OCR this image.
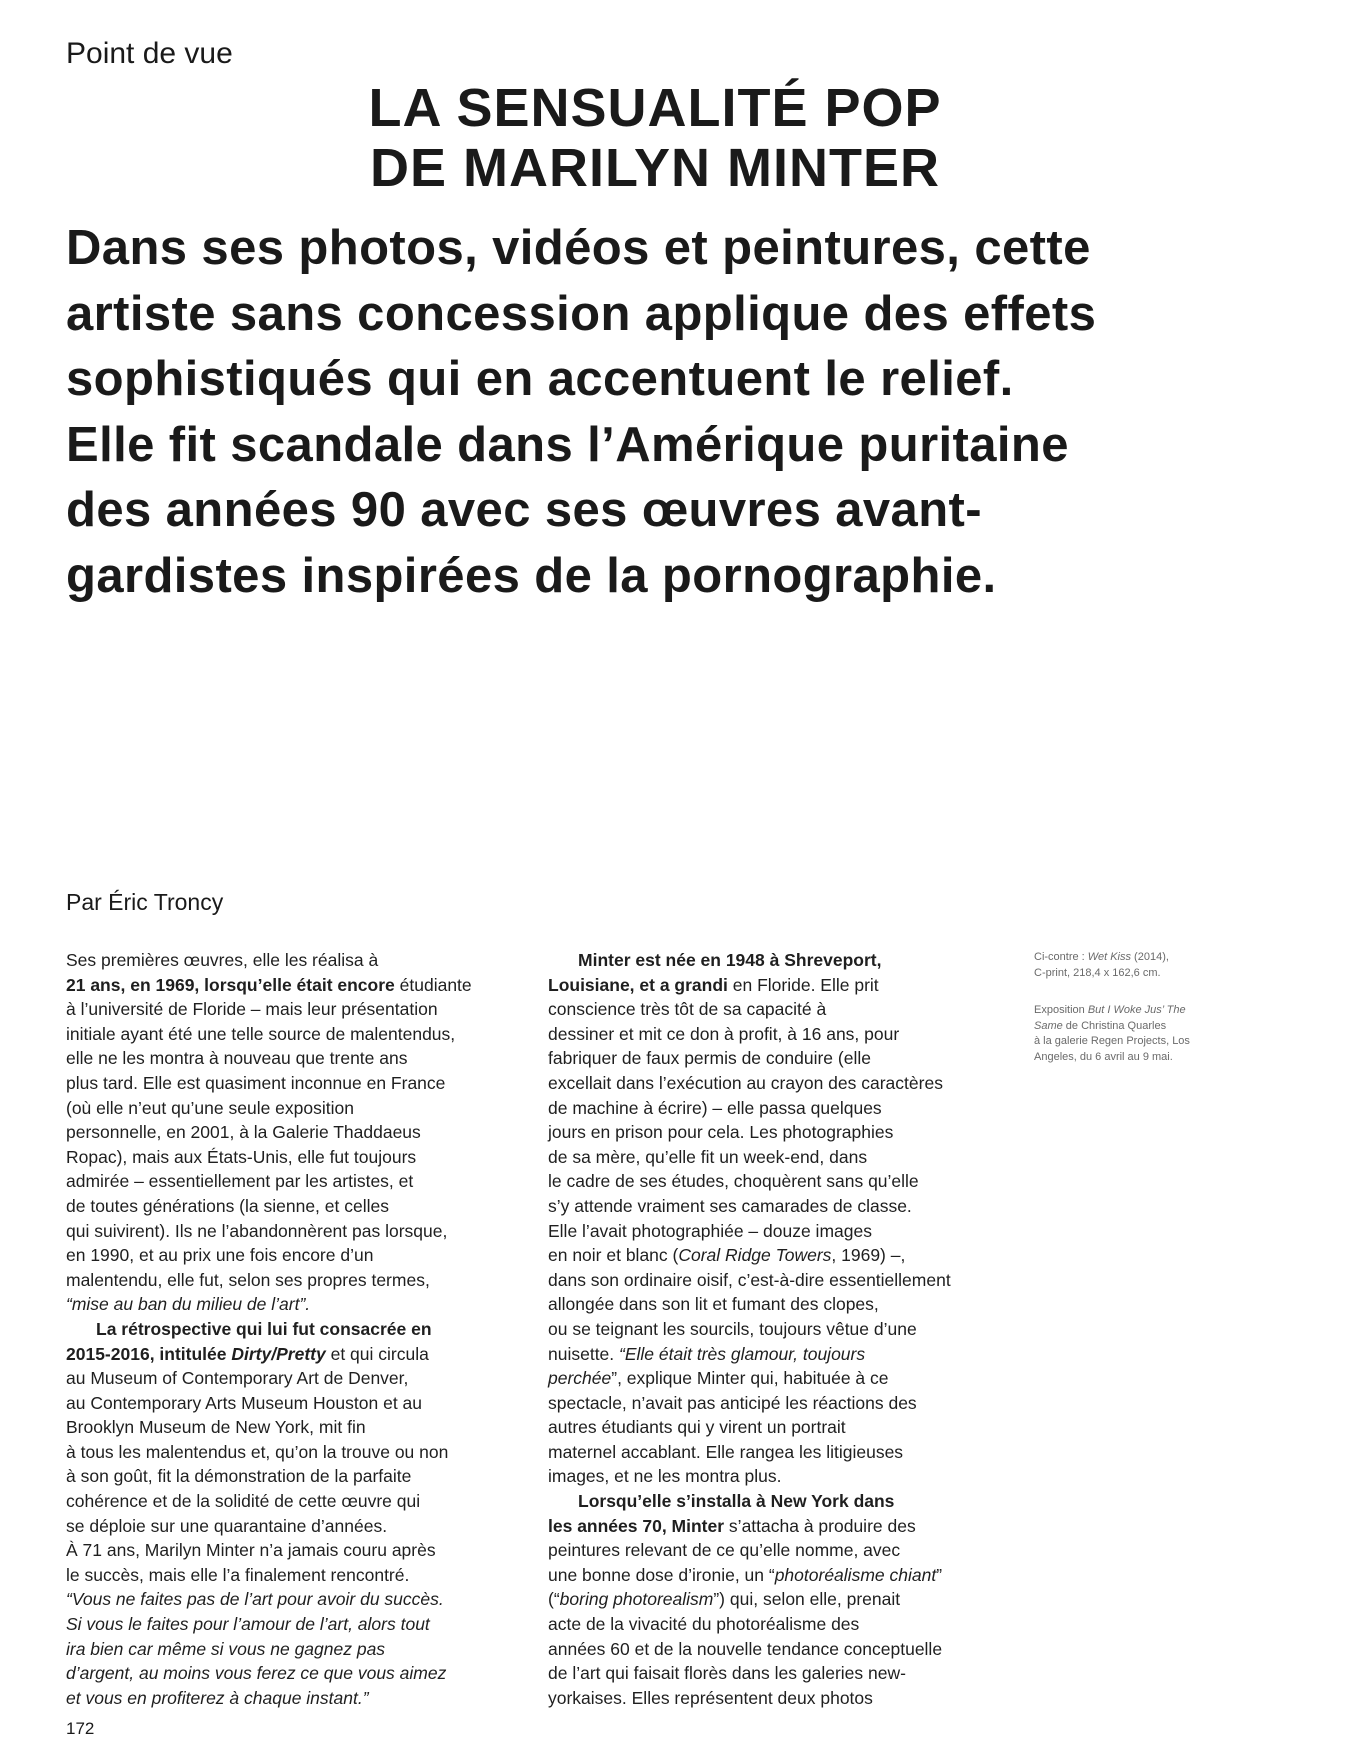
Point de vue

LA SENSUALITÉ POP
DE MARILYN MINTER

Dans ses photos, vidéos et peintures, cette
artiste sans concession applique des effets
sophistiqués qui en accentuent le relief.
Elle fit scandale dans l’Amérique puritaine
des années 90 avec ses œuvres avant-
gardistes inspirées de la pornographie.

Par Éric Troncy

Ses premières œuvres, elle les réalisa à
21 ans, en 1969, lorsqu’elle était encore étudiante
à l’université de Floride – mais leur présentation
initiale ayant été une telle source de malentendus,
elle ne les montra à nouveau que trente ans
plus tard. Elle est quasiment inconnue en France
(où elle n’eut qu’une seule exposition
personnelle, en 2001, à la Galerie Thaddaeus
Ropac), mais aux États-Unis, elle fut toujours
admirée – essentiellement par les artistes, et
de toutes générations (la sienne, et celles
qui suivirent). Ils ne l’abandonnèrent pas lorsque,
en 1990, et au prix une fois encore d’un
malentendu, elle fut, selon ses propres termes,
“mise au ban du milieu de l’art”.
La rétrospective qui lui fut consacrée en
2015-2016, intitulée Dirty/Pretty et qui circula
au Museum of Contemporary Art de Denver,
au Contemporary Arts Museum Houston et au
Brooklyn Museum de New York, mit fin
à tous les malentendus et, qu’on la trouve ou non
à son goût, fit la démonstration de la parfaite
cohérence et de la solidité de cette œuvre qui
se déploie sur une quarantaine d’années.
À 71 ans, Marilyn Minter n’a jamais couru après
le succès, mais elle l’a finalement rencontré.
“Vous ne faites pas de l’art pour avoir du succès.
Si vous le faites pour l’amour de l’art, alors tout
ira bien car même si vous ne gagnez pas
d’argent, au moins vous ferez ce que vous aimez
et vous en profiterez à chaque instant.”
Minter est née en 1948 à Shreveport,
Louisiane, et a grandi en Floride. Elle prit
conscience très tôt de sa capacité à
dessiner et mit ce don à profit, à 16 ans, pour
fabriquer de faux permis de conduire (elle
excellait dans l’exécution au crayon des caractères
de machine à écrire) – elle passa quelques
jours en prison pour cela. Les photographies
de sa mère, qu’elle fit un week-end, dans
le cadre de ses études, choquèrent sans qu’elle
s’y attende vraiment ses camarades de classe.
Elle l’avait photographiée – douze images
en noir et blanc (Coral Ridge Towers, 1969) –,
dans son ordinaire oisif, c’est-à-dire essentiellement
allongée dans son lit et fumant des clopes,
ou se teignant les sourcils, toujours vêtue d’une
nuisette. “Elle était très glamour, toujours
perchée”, explique Minter qui, habituée à ce
spectacle, n’avait pas anticipé les réactions des
autres étudiants qui y virent un portrait
maternel accablant. Elle rangea les litigieuses
images, et ne les montra plus.
Lorsqu’elle s’installa à New York dans
les années 70, Minter s’attacha à produire des
peintures relevant de ce qu’elle nomme, avec
une bonne dose d’ironie, un “photoréalisme chiant”
(“boring photorealism”) qui, selon elle, prenait
acte de la vivacité du photoréalisme des
années 60 et de la nouvelle tendance conceptuelle
de l’art qui faisait florès dans les galeries new-
yorkaises. Elles représentent deux photos
Ci-contre : Wet Kiss (2014),
C-print, 218,4 x 162,6 cm.
Exposition But I Woke Jus’ The
Same de Christina Quarles
à la galerie Regen Projects, Los
Angeles, du 6 avril au 9 mai.
172
